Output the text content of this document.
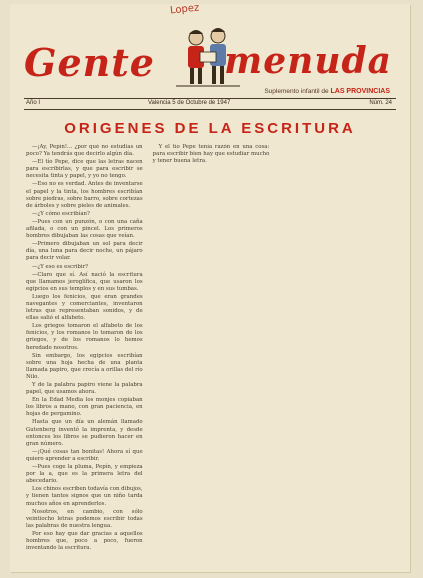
Lopez
Gente menuda
Suplemento infantil de LAS PROVINCIAS
Año I	Valencia 5 de Octubre de 1947	Núm. 24
ORIGENES DE LA ESCRITURA

—¡Ay, Pepín!... ¿por qué no estudias un poco? Ya tendrás que decirlo algún día.

—El tío Pepe, dice que las letras nacen para escribirlas, y que para escribir se necesita tinta y papel, y yo no tengo.

—Eso no es verdad. Antes de inventarse el papel y la tinta, los hombres escribían sobre piedras, sobre barro, sobre cortezas de árboles y sobre pieles de animales.

—¿Y cómo escribían?

—Pues con un punzón, o con una caña afilada, o con un pincel. Los primeros hombres dibujaban las cosas que veían.

—Primero dibujaban un sol para decir día, una luna para decir noche, un pájaro para decir volar.

—¿Y eso es escribir?

—Claro que sí. Así nació la escritura que llamamos jeroglífica, que usaron los egipcios en sus templos y en sus tumbas.

Luego los fenicios, que eran grandes navegantes y comerciantes, inventaron letras que representaban sonidos, y de ellas salió el alfabeto.

Los griegos tomaron el alfabeto de los fenicios, y los romanos lo tomaron de los griegos, y de los romanos lo hemos heredado nosotros.

Sin embargo, los egipcios escribían sobre una hoja hecha de una planta llamada papiro, que crecía a orillas del río Nilo.

Y de la palabra papiro viene la palabra papel, que usamos ahora.

En la Edad Media los monjes copiaban los libros a mano, con gran paciencia, en hojas de pergamino.

Hasta que un día un alemán llamado Gutenberg inventó la imprenta, y desde entonces los libros se pudieron hacer en gran número.

—¡Qué cosas tan bonitas! Ahora sí que quiero aprender a escribir.

—Pues coge la pluma, Pepín, y empieza por la a, que es la primera letra del abecedario.

Los chinos escriben todavía con dibujos, y tienen tantos signos que un niño tarda muchos años en aprenderlos.

Nosotros, en cambio, con sólo veintiocho letras podemos escribir todas las palabras de nuestra lengua.

Por eso hay que dar gracias a aquellos hombres que, poco a poco, fueron inventando la escritura.

Y el tío Pepe tenía razón en una cosa: para escribir bien hay que estudiar mucho y tener buena letra.
